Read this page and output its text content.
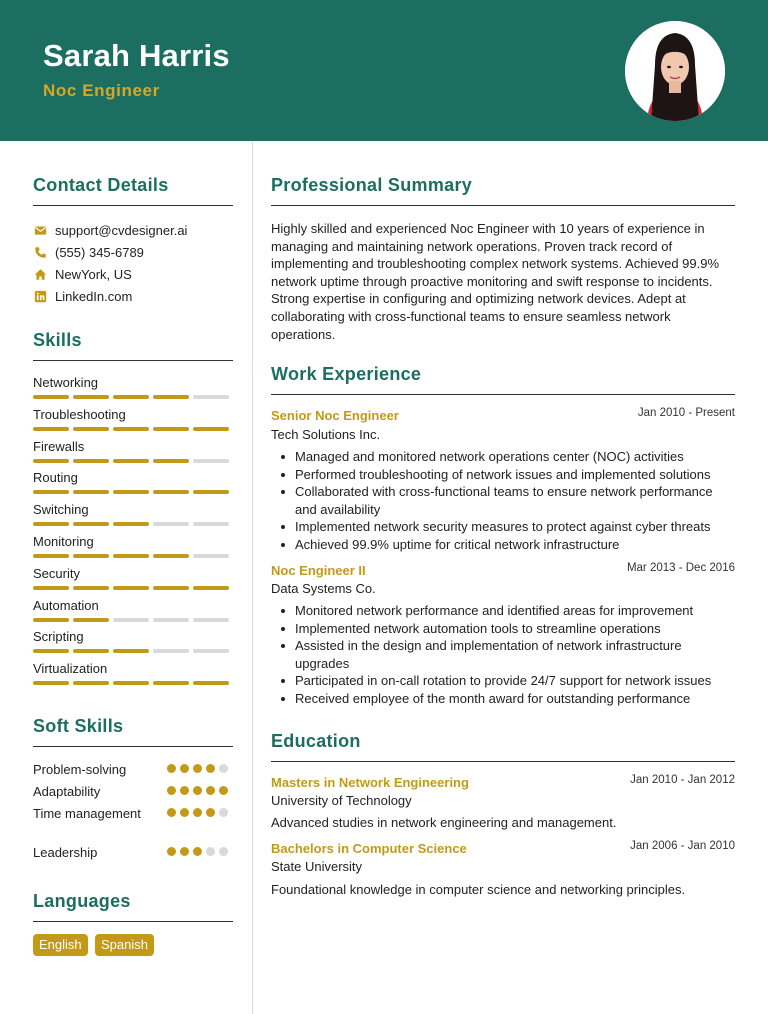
Sarah Harris
Noc Engineer
Contact Details
support@cvdesigner.ai
(555) 345-6789
NewYork, US
LinkedIn.com
Skills
Networking
Troubleshooting
Firewalls
Routing
Switching
Monitoring
Security
Automation
Scripting
Virtualization
Soft Skills
Problem-solving
Adaptability
Time management
Leadership
Languages
English	Spanish
Professional Summary
Highly skilled and experienced Noc Engineer with 10 years of experience in managing and maintaining network operations. Proven track record of implementing and troubleshooting complex network systems. Achieved 99.9% network uptime through proactive monitoring and swift response to incidents. Strong expertise in configuring and optimizing network devices. Adept at collaborating with cross-functional teams to ensure seamless network operations.
Work Experience
Senior Noc Engineer	Jan 2010 - Present
Tech Solutions Inc.
Managed and monitored network operations center (NOC) activities
Performed troubleshooting of network issues and implemented solutions
Collaborated with cross-functional teams to ensure network performance and availability
Implemented network security measures to protect against cyber threats
Achieved 99.9% uptime for critical network infrastructure
Noc Engineer II	Mar 2013 - Dec 2016
Data Systems Co.
Monitored network performance and identified areas for improvement
Implemented network automation tools to streamline operations
Assisted in the design and implementation of network infrastructure upgrades
Participated in on-call rotation to provide 24/7 support for network issues
Received employee of the month award for outstanding performance
Education
Masters in Network Engineering	Jan 2010 - Jan 2012
University of Technology
Advanced studies in network engineering and management.
Bachelors in Computer Science	Jan 2006 - Jan 2010
State University
Foundational knowledge in computer science and networking principles.
